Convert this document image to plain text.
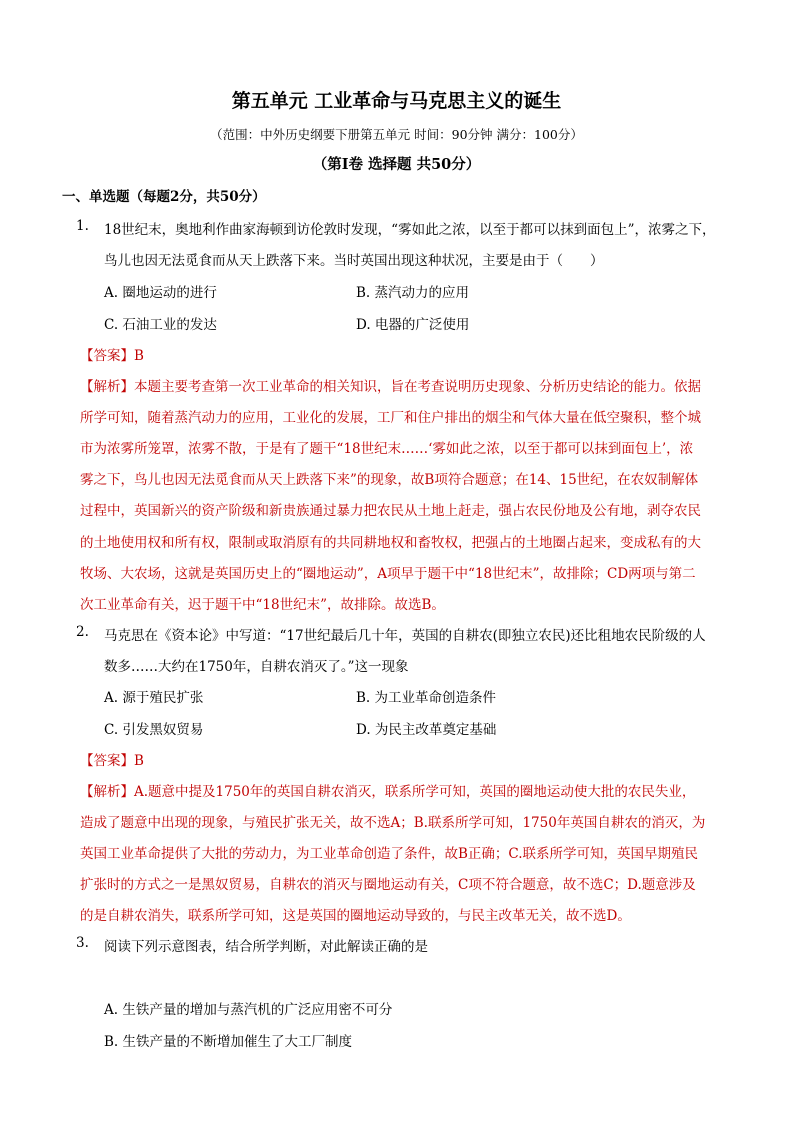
第五单元 工业革命与马克思主义的诞生
（范围：中外历史纲要下册第五单元 时间：90分钟 满分：100分）
（第I卷 选择题 共50分）
一、单选题（每题2分，共50分）
1. 18世纪末，奥地利作曲家海顿到访伦敦时发现，“雾如此之浓，以至于都可以抹到面包上”，浓雾之下，
鸟儿也因无法觅食而从天上跌落下来。当时英国出现这种状况，主要是由于（　　）
A. 圈地运动的进行	B. 蒸汽动力的应用
C. 石油工业的发达	D. 电器的广泛使用
【答案】B
【解析】本题主要考查第一次工业革命的相关知识，旨在考查说明历史现象、分析历史结论的能力。依据
所学可知，随着蒸汽动力的应用，工业化的发展，工厂和住户排出的烟尘和气体大量在低空聚积，整个城
市为浓雾所笼罩，浓雾不散，于是有了题干“18世纪末……‘雾如此之浓，以至于都可以抹到面包上’，浓
雾之下，鸟儿也因无法觅食而从天上跌落下来”的现象，故B项符合题意；在14、15世纪，在农奴制解体
过程中，英国新兴的资产阶级和新贵族通过暴力把农民从土地上赶走，强占农民份地及公有地，剥夺农民
的土地使用权和所有权，限制或取消原有的共同耕地权和畜牧权，把强占的土地圈占起来，变成私有的大
牧场、大农场，这就是英国历史上的“圈地运动”，A项早于题干中“18世纪末”，故排除；CD两项与第二
次工业革命有关，迟于题干中“18世纪末”，故排除。故选B。
2. 马克思在《资本论》中写道：“17世纪最后几十年，英国的自耕农(即独立农民)还比租地农民阶级的人
数多……大约在1750年，自耕农消灭了。”这一现象
A. 源于殖民扩张	B. 为工业革命创造条件
C. 引发黑奴贸易	D. 为民主改革奠定基础
【答案】B
【解析】A.题意中提及1750年的英国自耕农消灭，联系所学可知，英国的圈地运动使大批的农民失业，
造成了题意中出现的现象，与殖民扩张无关，故不选A；B.联系所学可知，1750年英国自耕农的消灭，为
英国工业革命提供了大批的劳动力，为工业革命创造了条件，故B正确；C.联系所学可知，英国早期殖民
扩张时的方式之一是黑奴贸易，自耕农的消灭与圈地运动有关，C项不符合题意，故不选C；D.题意涉及
的是自耕农消失，联系所学可知，这是英国的圈地运动导致的，与民主改革无关，故不选D。
3. 阅读下列示意图表，结合所学判断，对此解读正确的是
A. 生铁产量的增加与蒸汽机的广泛应用密不可分
B. 生铁产量的不断增加催生了大工厂制度
